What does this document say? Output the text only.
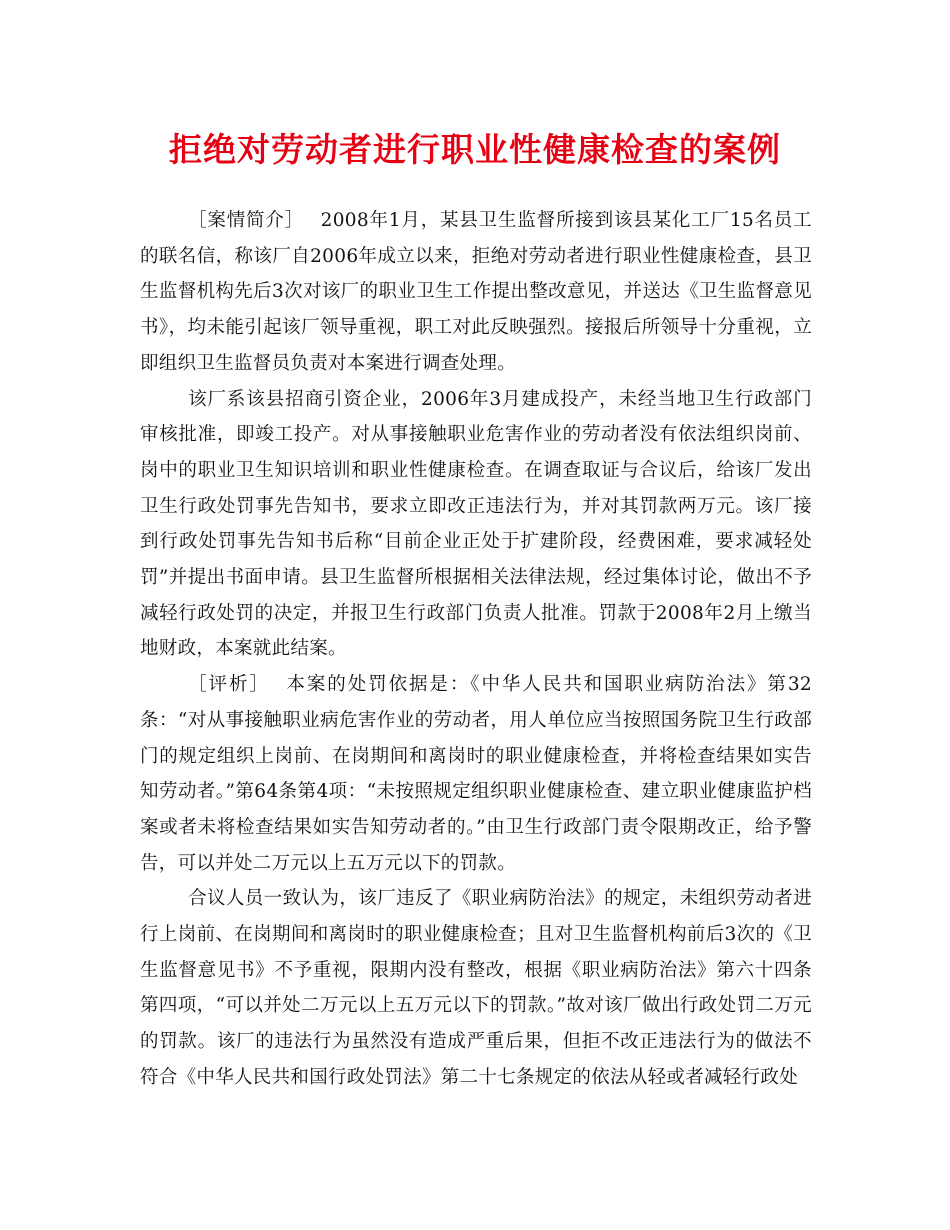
拒绝对劳动者进行职业性健康检查的案例

［案情简介］ 2008年1月，某县卫生监督所接到该县某化工厂15名员工的联名信，称该厂自2006年成立以来，拒绝对劳动者进行职业性健康检查，县卫生监督机构先后3次对该厂的职业卫生工作提出整改意见，并送达《卫生监督意见书》，均未能引起该厂领导重视，职工对此反映强烈。接报后所领导十分重视，立即组织卫生监督员负责对本案进行调查处理。

该厂系该县招商引资企业，2006年3月建成投产，未经当地卫生行政部门审核批准，即竣工投产。对从事接触职业危害作业的劳动者没有依法组织岗前、岗中的职业卫生知识培训和职业性健康检查。在调查取证与合议后，给该厂发出卫生行政处罚事先告知书，要求立即改正违法行为，并对其罚款两万元。该厂接到行政处罚事先告知书后称“目前企业正处于扩建阶段，经费困难，要求减轻处罚”并提出书面申请。县卫生监督所根据相关法律法规，经过集体讨论，做出不予减轻行政处罚的决定，并报卫生行政部门负责人批准。罚款于2008年2月上缴当地财政，本案就此结案。

［评析］ 本案的处罚依据是：《中华人民共和国职业病防治法》第32条：“对从事接触职业病危害作业的劳动者，用人单位应当按照国务院卫生行政部门的规定组织上岗前、在岗期间和离岗时的职业健康检查，并将检查结果如实告知劳动者。”第64条第4项：“未按照规定组织职业健康检查、建立职业健康监护档案或者未将检查结果如实告知劳动者的。”由卫生行政部门责令限期改正，给予警告，可以并处二万元以上五万元以下的罚款。

合议人员一致认为，该厂违反了《职业病防治法》的规定，未组织劳动者进行上岗前、在岗期间和离岗时的职业健康检查；且对卫生监督机构前后3次的《卫生监督意见书》不予重视，限期内没有整改，根据《职业病防治法》第六十四条第四项，“可以并处二万元以上五万元以下的罚款。”故对该厂做出行政处罚二万元的罚款。该厂的违法行为虽然没有造成严重后果，但拒不改正违法行为的做法不符合《中华人民共和国行政处罚法》第二十七条规定的依法从轻或者减轻行政处
